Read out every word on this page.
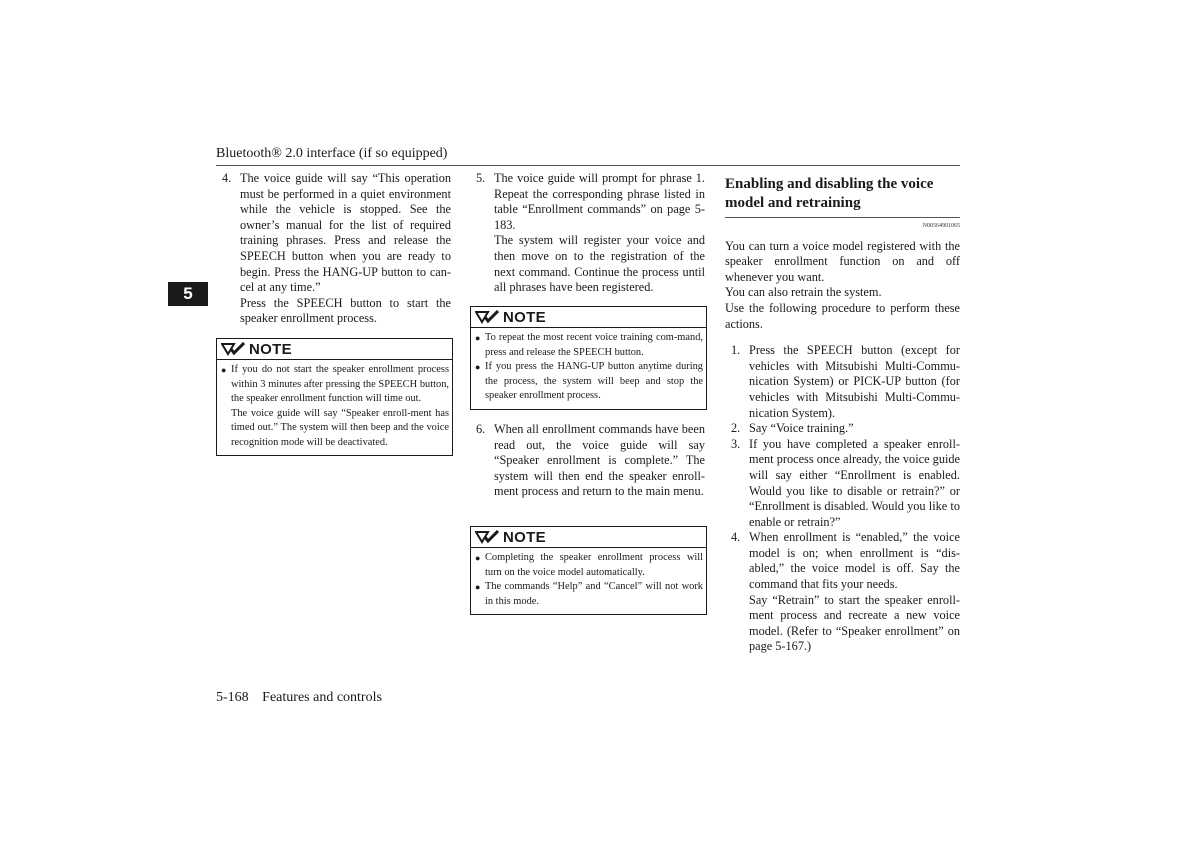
Bluetooth® 2.0 interface (if so equipped)
5
4. The voice guide will say “This operation must be performed in a quiet environment while the vehicle is stopped. See the owner’s manual for the list of required training phrases. Press and release the SPEECH button when you are ready to begin. Press the HANG-UP button to can-cel at any time.”

Press the SPEECH button to start the speaker enrollment process.

NOTE
● If you do not start the speaker enrollment process within 3 minutes after pressing the SPEECH button, the speaker enrollment function will time out.

The voice guide will say “Speaker enroll-ment has timed out.” The system will then beep and the voice recognition mode will be deactivated.

5. The voice guide will prompt for phrase 1. Repeat the corresponding phrase listed in table “Enrollment commands” on page 5-183.

The system will register your voice and then move on to the registration of the next command. Continue the process until all phrases have been registered.

NOTE
● To repeat the most recent voice training com-mand, press and release the SPEECH button.

● If you press the HANG-UP button anytime during the process, the system will beep and stop the speaker enrollment process.

6. When all enrollment commands have been read out, the voice guide will say “Speaker enrollment is complete.” The system will then end the speaker enroll-ment process and return to the main menu.

NOTE
● Completing the speaker enrollment process will turn on the voice model automatically.

● The commands “Help” and “Cancel” will not work in this mode.

Enabling and disabling the voice model and retraining
N00564901065

You can turn a voice model registered with the speaker enrollment function on and off whenever you want.

You can also retrain the system.

Use the following procedure to perform these actions.

1. Press the SPEECH button (except for vehicles with Mitsubishi Multi-Commu-nication System) or PICK-UP button (for vehicles with Mitsubishi Multi-Commu-nication System).

2. Say “Voice training.”

3. If you have completed a speaker enroll-ment process once already, the voice guide will say either “Enrollment is enabled. Would you like to disable or retrain?” or “Enrollment is disabled. Would you like to enable or retrain?”

4. When enrollment is “enabled,” the voice model is on; when enrollment is “dis-abled,” the voice model is off. Say the command that fits your needs.

Say “Retrain” to start the speaker enroll-ment process and recreate a new voice model. (Refer to “Speaker enrollment” on page 5-167.)

5-168 Features and controls
